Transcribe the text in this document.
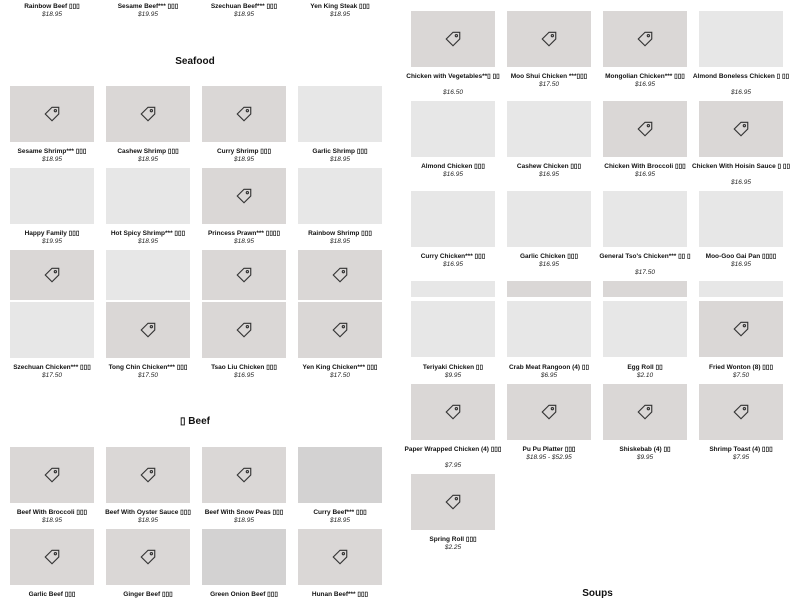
Seafood
▯ Beef
Soups
Rainbow Beef ▯▯▯
$18.95
Sesame Beef*** ▯▯▯
$19.95
Szechuan Beef*** ▯▯▯
$18.95
Yen King Steak ▯▯▯
$18.95
Sesame Shrimp*** ▯▯▯
$18.95
Cashew Shrimp ▯▯▯
$18.95
Curry Shrimp ▯▯▯
$18.95
Garlic Shrimp ▯▯▯
$18.95
Happy Family ▯▯▯
$19.95
Hot Spicy Shrimp*** ▯▯▯
$18.95
Princess Prawn*** ▯▯▯▯
$18.95
Rainbow Shrimp ▯▯▯
$18.95
Szechuan Chicken*** ▯▯▯
$17.50
Tong Chin Chicken*** ▯▯▯
$17.50
Tsao Liu Chicken ▯▯▯
$16.95
Yen King Chicken*** ▯▯▯
$17.50
Beef With Broccoli ▯▯▯
$18.95
Beef With Oyster Sauce ▯▯▯
$18.95
Beef With Snow Peas ▯▯▯
$18.95
Curry Beef*** ▯▯▯
$18.95
Garlic Beef ▯▯▯	Ginger Beef ▯▯▯	Green Onion Beef ▯▯▯	Hunan Beef*** ▯▯▯
Chicken with Vegetables**▯ ▯▯
$16.50
Moo Shui Chicken ***▯▯▯
$17.50
Mongolian Chicken*** ▯▯▯
$16.95
Almond Boneless Chicken ▯ ▯▯
$16.95
Almond Chicken ▯▯▯
$16.95
Cashew Chicken ▯▯▯
$16.95
Chicken With Broccoli ▯▯▯
$16.95
Chicken With Hoisin Sauce ▯ ▯▯
$16.95
Curry Chicken*** ▯▯▯
$16.95
Garlic Chicken ▯▯▯
$16.95
General Tso's Chicken*** ▯▯ ▯
$17.50
Moo-Goo Gai Pan ▯▯▯▯
$16.95
Teriyaki Chicken ▯▯
$9.95
Crab Meat Rangoon (4) ▯▯
$6.95
Egg Roll ▯▯
$2.10
Fried Wonton (8) ▯▯▯
$7.50
Paper Wrapped Chicken (4) ▯▯▯
$7.95
Pu Pu Platter ▯▯▯
$18.95 - $52.95
Shiskebab (4) ▯▯
$9.95
Shrimp Toast (4) ▯▯▯
$7.95
Spring Roll ▯▯▯
$2.25
